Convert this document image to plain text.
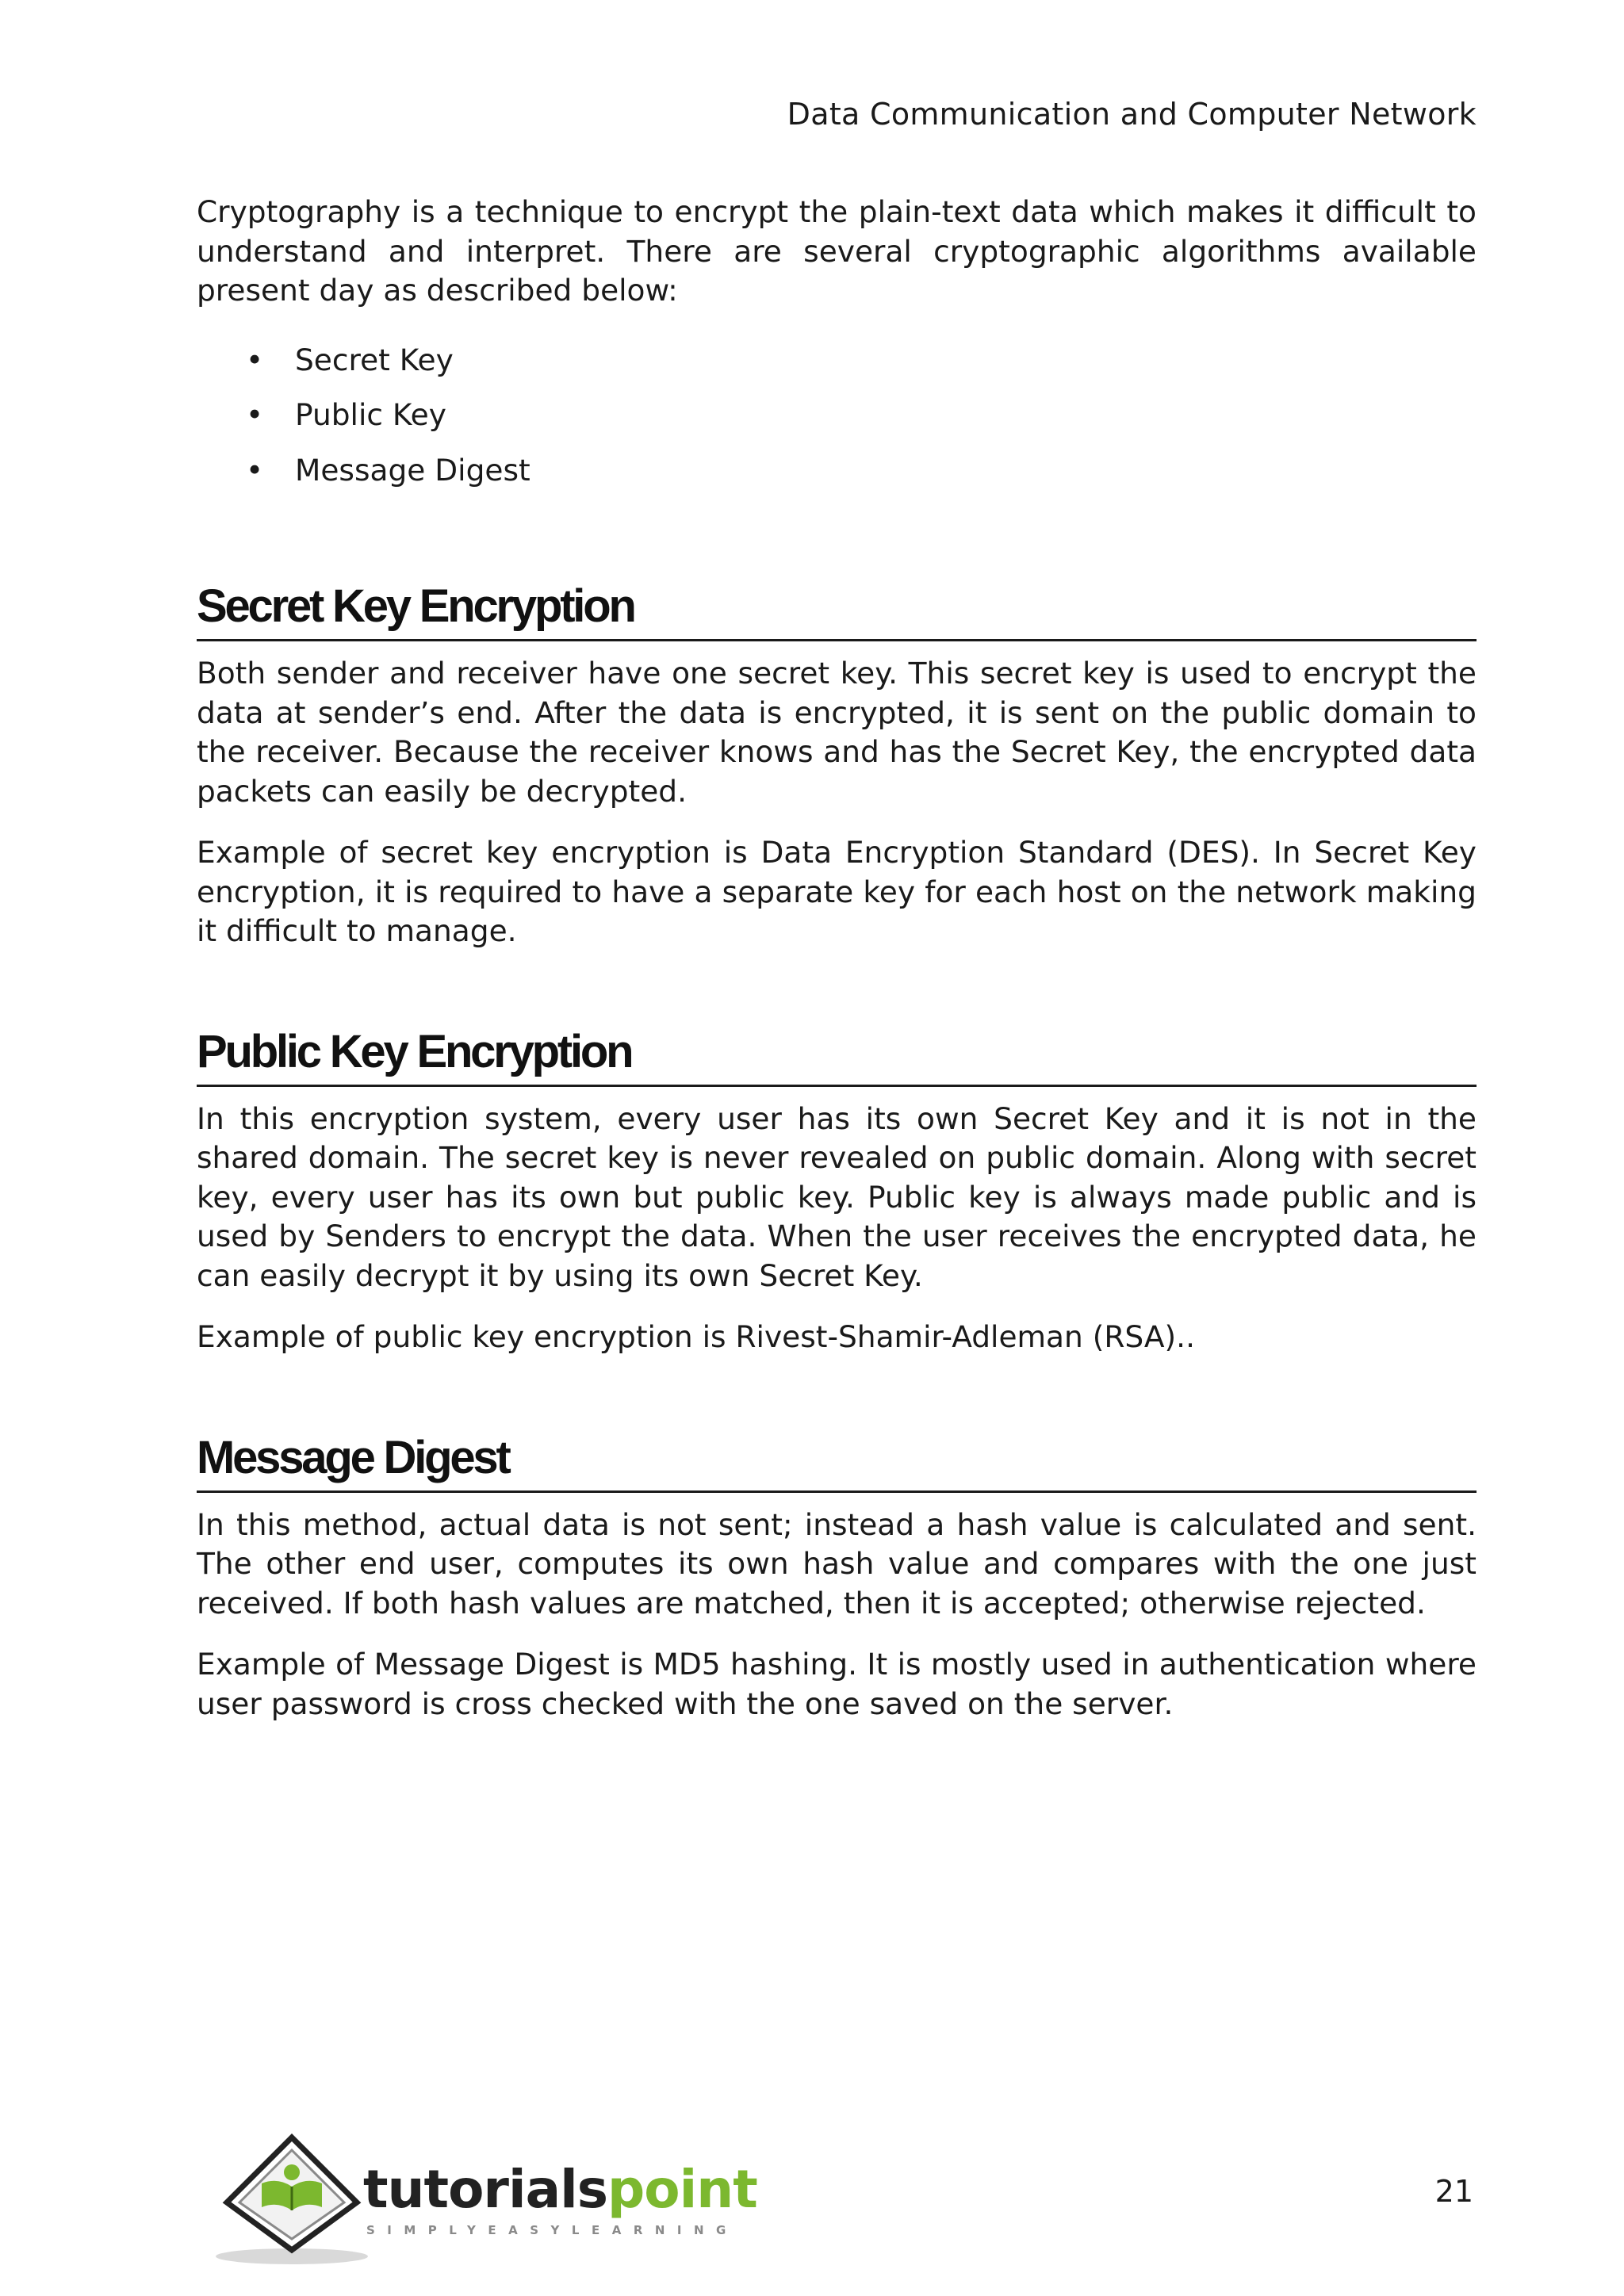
Data Communication and Computer Network

Cryptography is a technique to encrypt the plain-text data which makes it difficult to understand and interpret. There are several cryptographic algorithms available present day as described below:

• Secret Key
• Public Key
• Message Digest
Secret Key Encryption

Both sender and receiver have one secret key. This secret key is used to encrypt the data at sender’s end. After the data is encrypted, it is sent on the public domain to the receiver. Because the receiver knows and has the Secret Key, the encrypted data packets can easily be decrypted.

Example of secret key encryption is Data Encryption Standard (DES). In Secret Key encryption, it is required to have a separate key for each host on the network making it difficult to manage.

Public Key Encryption

In this encryption system, every user has its own Secret Key and it is not in the shared domain. The secret key is never revealed on public domain. Along with secret key, every user has its own but public key. Public key is always made public and is used by Senders to encrypt the data. When the user receives the encrypted data, he can easily decrypt it by using its own Secret Key.

Example of public key encryption is Rivest-Shamir-Adleman (RSA)..

Message Digest

In this method, actual data is not sent; instead a hash value is calculated and sent. The other end user, computes its own hash value and compares with the one just received. If both hash values are matched, then it is accepted; otherwise rejected.

Example of Message Digest is MD5 hashing. It is mostly used in authentication where user password is cross checked with the one saved on the server.

tutorialspoint
SIMPLYEASYLEARNING
21
